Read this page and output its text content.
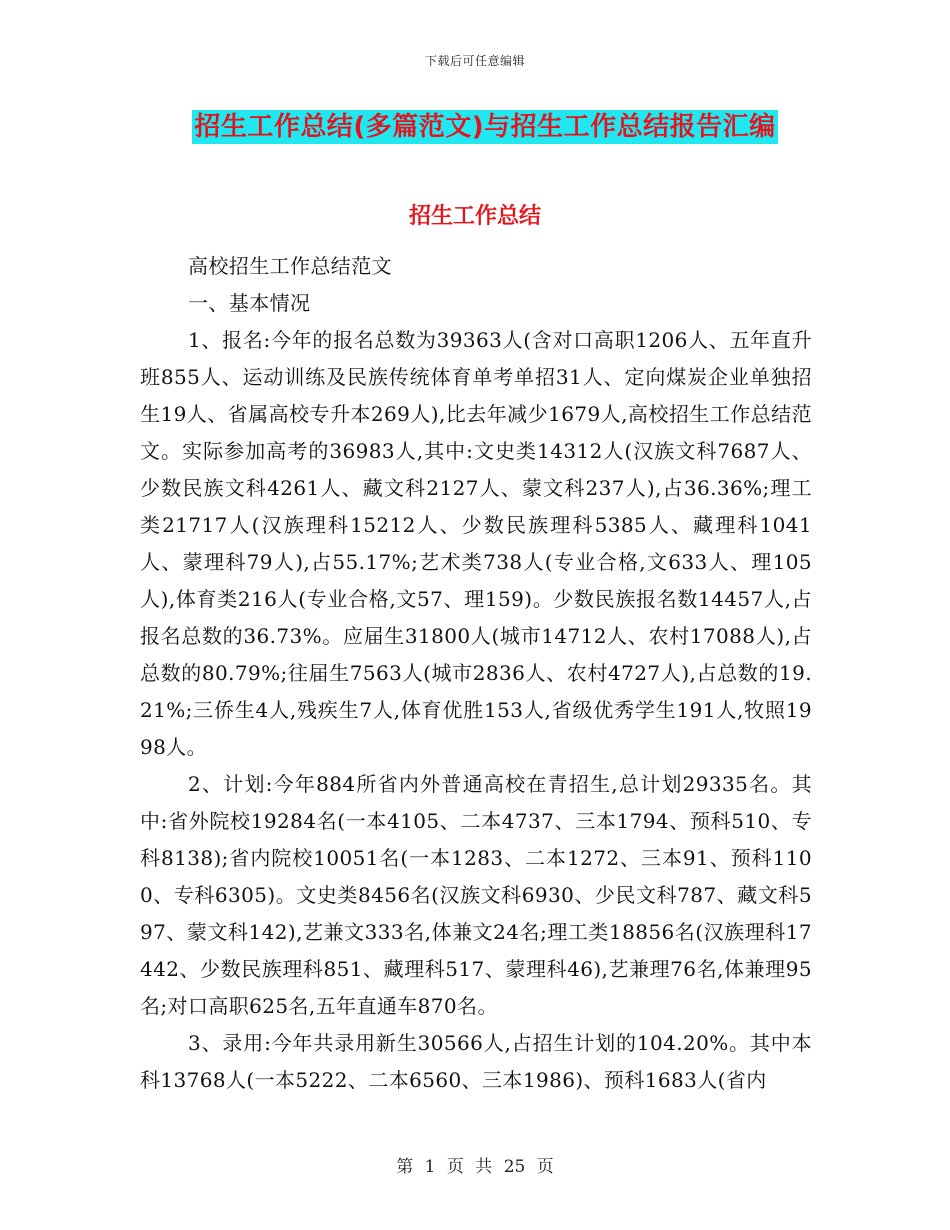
下载后可任意编辑
招生工作总结(多篇范文)与招生工作总结报告汇编
招生工作总结

高校招生工作总结范文

一、基本情况

1、报名:今年的报名总数为39363人(含对口高职1206人、五年直升班855人、运动训练及民族传统体育单考单招31人、定向煤炭企业单独招生19人、省属高校专升本269人),比去年减少1679人,高校招生工作总结范文。实际参加高考的36983人,其中:文史类14312人(汉族文科7687人、少数民族文科4261人、藏文科2127人、蒙文科237人),占36.36%;理工类21717人(汉族理科15212人、少数民族理科5385人、藏理科1041人、蒙理科79人),占55.17%;艺术类738人(专业合格,文633人、理105人),体育类216人(专业合格,文57、理159)。少数民族报名数14457人,占报名总数的36.73%。应届生31800人(城市14712人、农村17088人),占总数的80.79%;往届生7563人(城市2836人、农村4727人),占总数的19.21%;三侨生4人,残疾生7人,体育优胜153人,省级优秀学生191人,牧照1998人。

2、计划:今年884所省内外普通高校在青招生,总计划29335名。其中:省外院校19284名(一本4105、二本4737、三本1794、预科510、专科8138);省内院校10051名(一本1283、二本1272、三本91、预科1100、专科6305)。文史类8456名(汉族文科6930、少民文科787、藏文科597、蒙文科142),艺兼文333名,体兼文24名;理工类18856名(汉族理科17442、少数民族理科851、藏理科517、蒙理科46),艺兼理76名,体兼理95名;对口高职625名,五年直通车870名。

3、录用:今年共录用新生30566人,占招生计划的104.20%。其中本科13768人(一本5222、二本6560、三本1986)、预科1683人(省内

第 1 页 共 25 页
